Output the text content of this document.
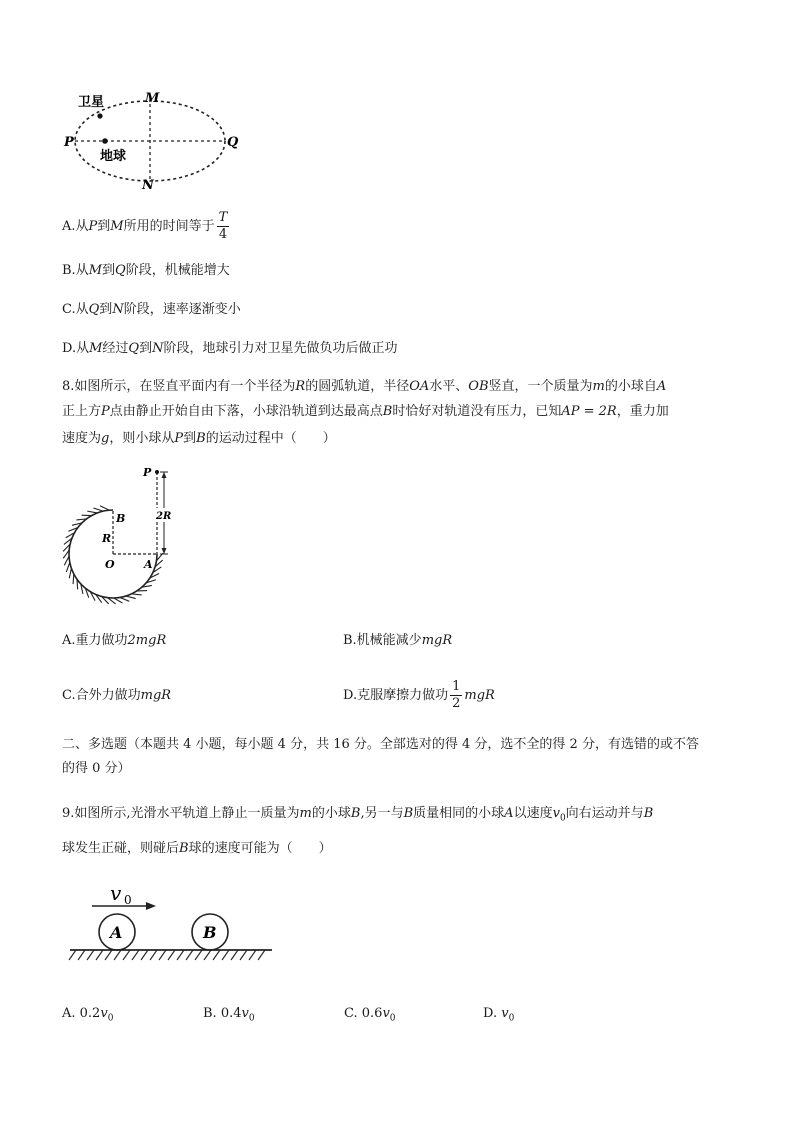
卫星	M
P	Q
地球
N
A.从P到M所用的时间等于 $\frac{T}{4}$
B.从M到Q阶段，机械能增大
C.从Q到N阶段，速率逐渐变小
D.从M经过Q到N阶段，地球引力对卫星先做负功后做正功
8.如图所示，在竖直平面内有一个半径为R的圆弧轨道，半径OA水平、OB竖直，一个质量为m的小球自A
正上方P点由静止开始自由下落，小球沿轨道到达最高点B时恰好对轨道没有压力，已知AP = 2R，重力加
速度为g，则小球从P到B的运动过程中（　　）
P
B
R
2R
O	A
A.重力做功2mgR	B.机械能减少mgR
C.合外力做功mgR	D.克服摩擦力做功 $\frac{1}{2}$ mgR
二、多选题（本题共 4 小题，每小题 4 分，共 16 分。全部选对的得 4 分，选不全的得 2 分，有选错的或不答
的得 0 分）
9.如图所示,光滑水平轨道上静止一质量为m的小球B,另一与B质量相同的小球A以速度$v_0$向右运动并与B
球发生正碰，则碰后B球的速度可能为（　　）
v 0
A	B
A. $0.2v_0$	B. $0.4v_0$	C. $0.6v_0$	D. $v_0$
